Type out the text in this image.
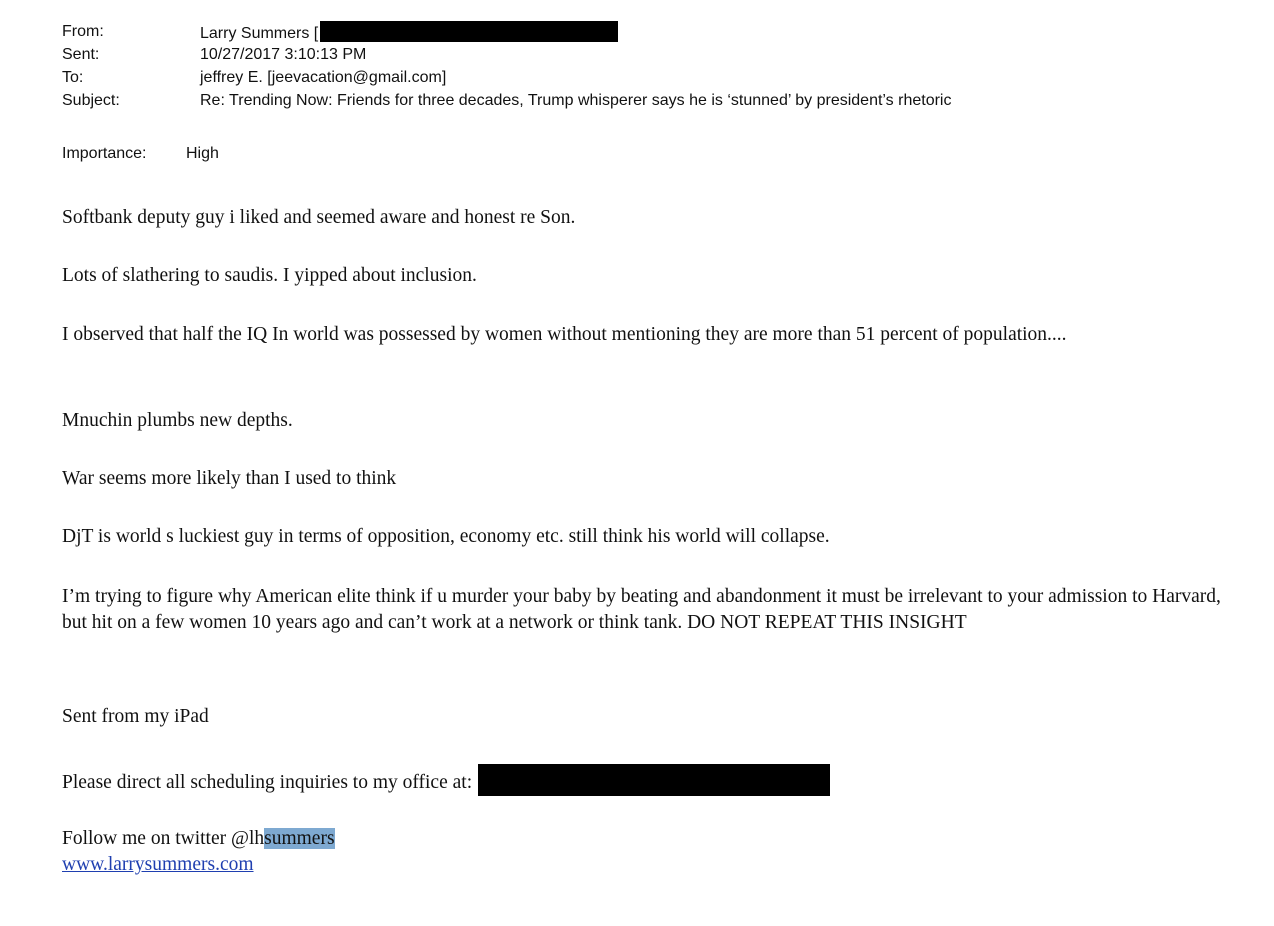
From:	Larry Summers [
Sent:	10/27/2017 3:10:13 PM
To:	jeffrey E. [jeevacation@gmail.com]
Subject:	Re: Trending Now: Friends for three decades, Trump whisperer says he is ‘stunned’ by president’s rhetoric
Importance: High

Softbank deputy guy i liked and seemed aware and honest re Son.

Lots of slathering to saudis. I yipped about inclusion.

I observed that half the IQ In world was possessed by women without mentioning they are more than 51 percent of population....

Mnuchin plumbs new depths.

War seems more likely than I used to think

DjT is world s luckiest guy in terms of opposition, economy etc. still think his world will collapse.

I’m trying to figure why American elite think if u murder your baby by beating and abandonment it must be irrelevant to your admission to Harvard, but hit on a few women 10 years ago and can’t work at a network or think tank. DO NOT REPEAT THIS INSIGHT

Sent from my iPad

Please direct all scheduling inquiries to my office at:

Follow me on twitter @lhsummers

www.larrysummers.com
